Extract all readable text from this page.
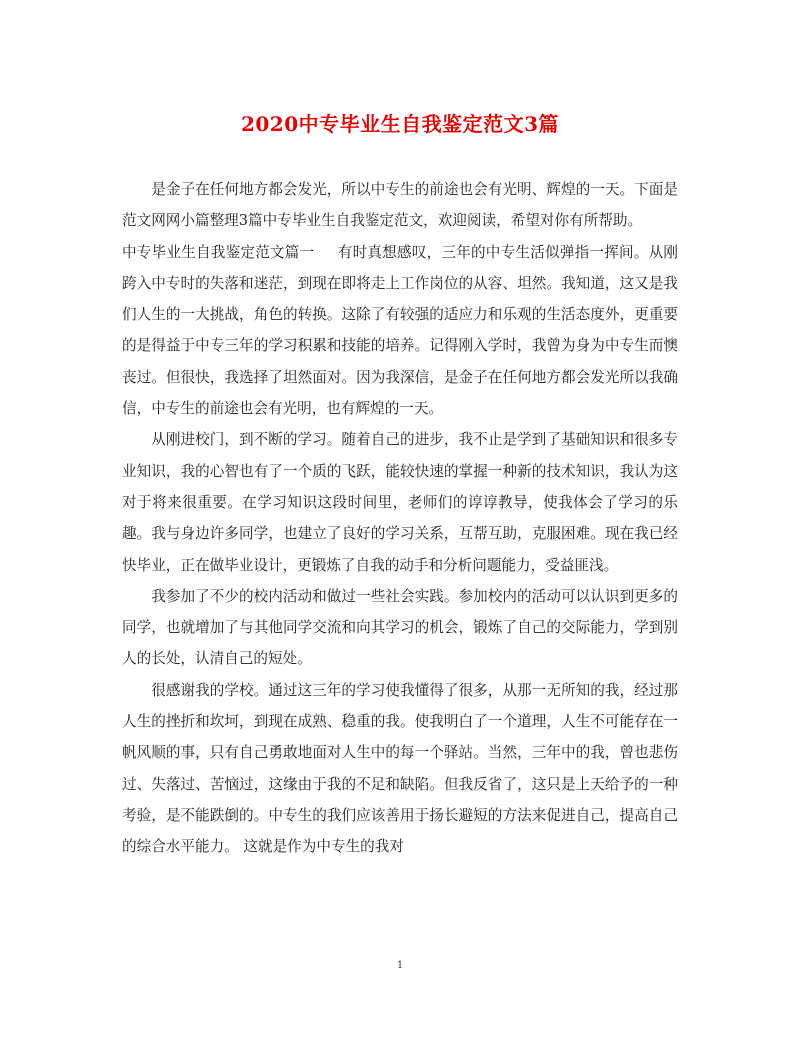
2020中专毕业生自我鉴定范文3篇

是金子在任何地方都会发光，所以中专生的前途也会有光明、辉煌的一天。下面是范文网网小篇整理3篇中专毕业生自我鉴定范文，欢迎阅读，希望对你有所帮助。

中专毕业生自我鉴定范文篇一 有时真想感叹，三年的中专生活似弹指一挥间。从刚跨入中专时的失落和迷茫，到现在即将走上工作岗位的从容、坦然。我知道，这又是我们人生的一大挑战，角色的转换。这除了有较强的适应力和乐观的生活态度外，更重要的是得益于中专三年的学习积累和技能的培养。记得刚入学时，我曾为身为中专生而懊丧过。但很快，我选择了坦然面对。因为我深信，是金子在任何地方都会发光所以我确信，中专生的前途也会有光明，也有辉煌的一天。

从刚进校门，到不断的学习。随着自己的进步，我不止是学到了基础知识和很多专业知识，我的心智也有了一个质的飞跃，能较快速的掌握一种新的技术知识，我认为这对于将来很重要。在学习知识这段时间里，老师们的谆谆教导，使我体会了学习的乐趣。我与身边许多同学，也建立了良好的学习关系，互帮互助，克服困难。现在我已经快毕业，正在做毕业设计，更锻炼了自我的动手和分析问题能力，受益匪浅。

我参加了不少的校内活动和做过一些社会实践。参加校内的活动可以认识到更多的同学，也就增加了与其他同学交流和向其学习的机会，锻炼了自己的交际能力，学到别人的长处，认清自己的短处。

很感谢我的学校。通过这三年的学习使我懂得了很多，从那一无所知的我，经过那人生的挫折和坎坷，到现在成熟、稳重的我。使我明白了一个道理，人生不可能存在一帆风顺的事，只有自己勇敢地面对人生中的每一个驿站。当然，三年中的我，曾也悲伤过、失落过、苦恼过，这缘由于我的不足和缺陷。但我反省了，这只是上天给予的一种考验，是不能跌倒的。中专生的我们应该善用于扬长避短的方法来促进自己，提高自己的综合水平能力。 这就是作为中专生的我对

1
